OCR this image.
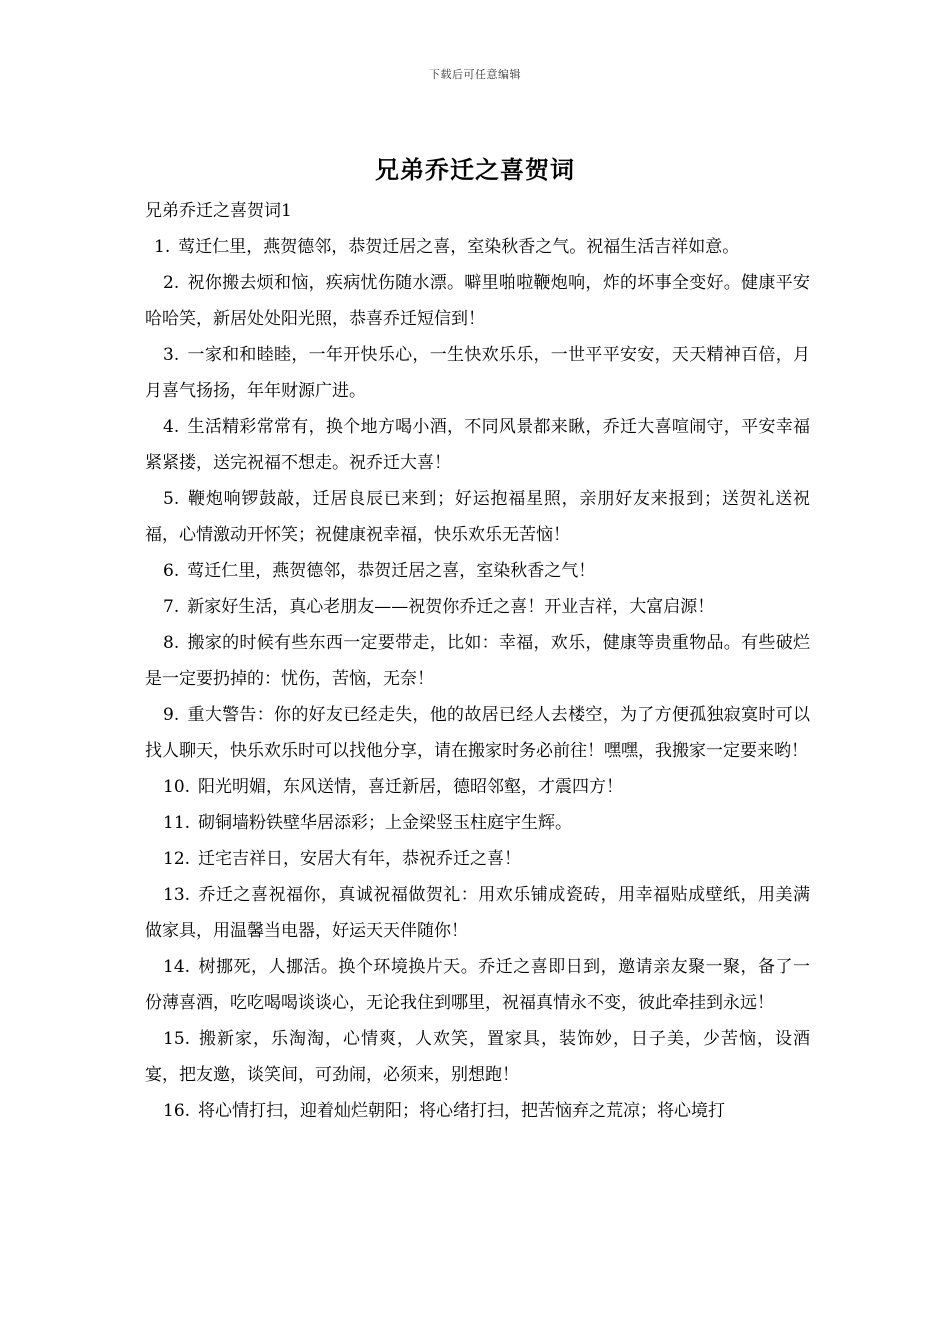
下载后可任意编辑
兄弟乔迁之喜贺词

兄弟乔迁之喜贺词1

1. 莺迁仁里，燕贺德邻，恭贺迁居之喜，室染秋香之气。祝福生活吉祥如意。

2. 祝你搬去烦和恼，疾病忧伤随水漂。噼里啪啦鞭炮响，炸的坏事全变好。健康平安哈哈笑，新居处处阳光照，恭喜乔迁短信到！

3. 一家和和睦睦，一年开快乐心，一生快欢乐乐，一世平平安安，天天精神百倍，月月喜气扬扬，年年财源广进。

4. 生活精彩常常有，换个地方喝小酒，不同风景都来瞅，乔迁大喜喧闹守，平安幸福紧紧搂，送完祝福不想走。祝乔迁大喜！

5. 鞭炮响锣鼓敲，迁居良辰已来到；好运抱福星照，亲朋好友来报到；送贺礼送祝福，心情激动开怀笑；祝健康祝幸福，快乐欢乐无苦恼！

6. 莺迁仁里，燕贺德邻，恭贺迁居之喜，室染秋香之气！

7. 新家好生活，真心老朋友——祝贺你乔迁之喜！开业吉祥，大富启源！

8. 搬家的时候有些东西一定要带走，比如：幸福，欢乐，健康等贵重物品。有些破烂是一定要扔掉的：忧伤，苦恼，无奈！

9. 重大警告：你的好友已经走失，他的故居已经人去楼空，为了方便孤独寂寞时可以找人聊天，快乐欢乐时可以找他分享，请在搬家时务必前往！嘿嘿，我搬家一定要来哟！

10. 阳光明媚，东风送情，喜迁新居，德昭邻壑，才震四方！

11. 砌铜墙粉铁壁华居添彩；上金梁竖玉柱庭宇生辉。

12. 迁宅吉祥日，安居大有年，恭祝乔迁之喜！

13. 乔迁之喜祝福你，真诚祝福做贺礼：用欢乐铺成瓷砖，用幸福贴成壁纸，用美满做家具，用温馨当电器，好运天天伴随你！

14. 树挪死，人挪活。换个环境换片天。乔迁之喜即日到，邀请亲友聚一聚，备了一份薄喜酒，吃吃喝喝谈谈心，无论我住到哪里，祝福真情永不变，彼此牵挂到永远！

15. 搬新家，乐淘淘，心情爽，人欢笑，置家具，装饰妙，日子美，少苦恼，设酒宴，把友邀，谈笑间，可劲闹，必须来，别想跑！

16. 将心情打扫，迎着灿烂朝阳；将心绪打扫，把苦恼弃之荒凉；将心境打
